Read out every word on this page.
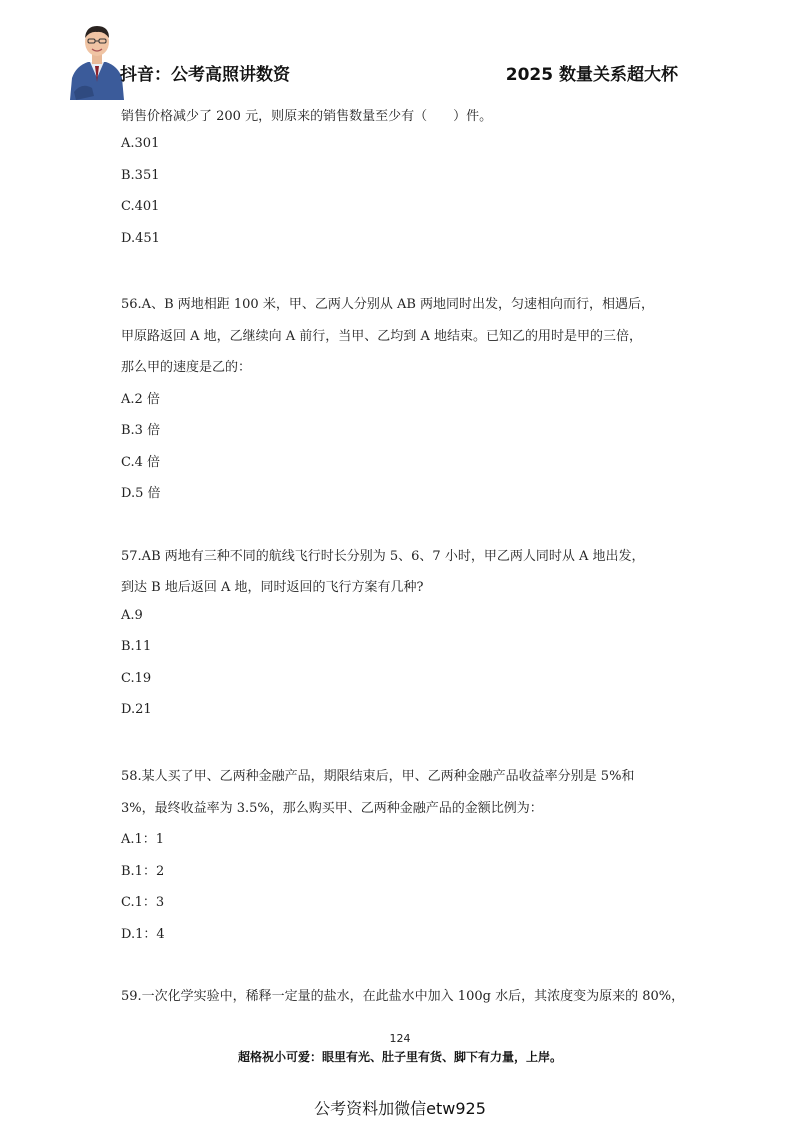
抖音：公考高照讲数资	2025 数量关系超大杯
销售价格减少了 200 元，则原来的销售数量至少有（　　）件。
A.301
B.351
C.401
D.451
56.A、B 两地相距 100 米，甲、乙两人分别从 AB 两地同时出发，匀速相向而行，相遇后，
甲原路返回 A 地，乙继续向 A 前行，当甲、乙均到 A 地结束。已知乙的用时是甲的三倍，
那么甲的速度是乙的：
A.2 倍
B.3 倍
C.4 倍
D.5 倍
57.AB 两地有三种不同的航线飞行时长分别为 5、6、7 小时，甲乙两人同时从 A 地出发，
到达 B 地后返回 A 地，同时返回的飞行方案有几种?
A.9
B.11
C.19
D.21
58.某人买了甲、乙两种金融产品，期限结束后，甲、乙两种金融产品收益率分别是 5%和
3%，最终收益率为 3.5%，那么购买甲、乙两种金融产品的金额比例为：
A.1：1
B.1：2
C.1：3
D.1：4
59.一次化学实验中，稀释一定量的盐水，在此盐水中加入 100g 水后，其浓度变为原来的 80%，
124
超格祝小可爱：眼里有光、肚子里有货、脚下有力量，上岸。
公考资料加微信etw925
